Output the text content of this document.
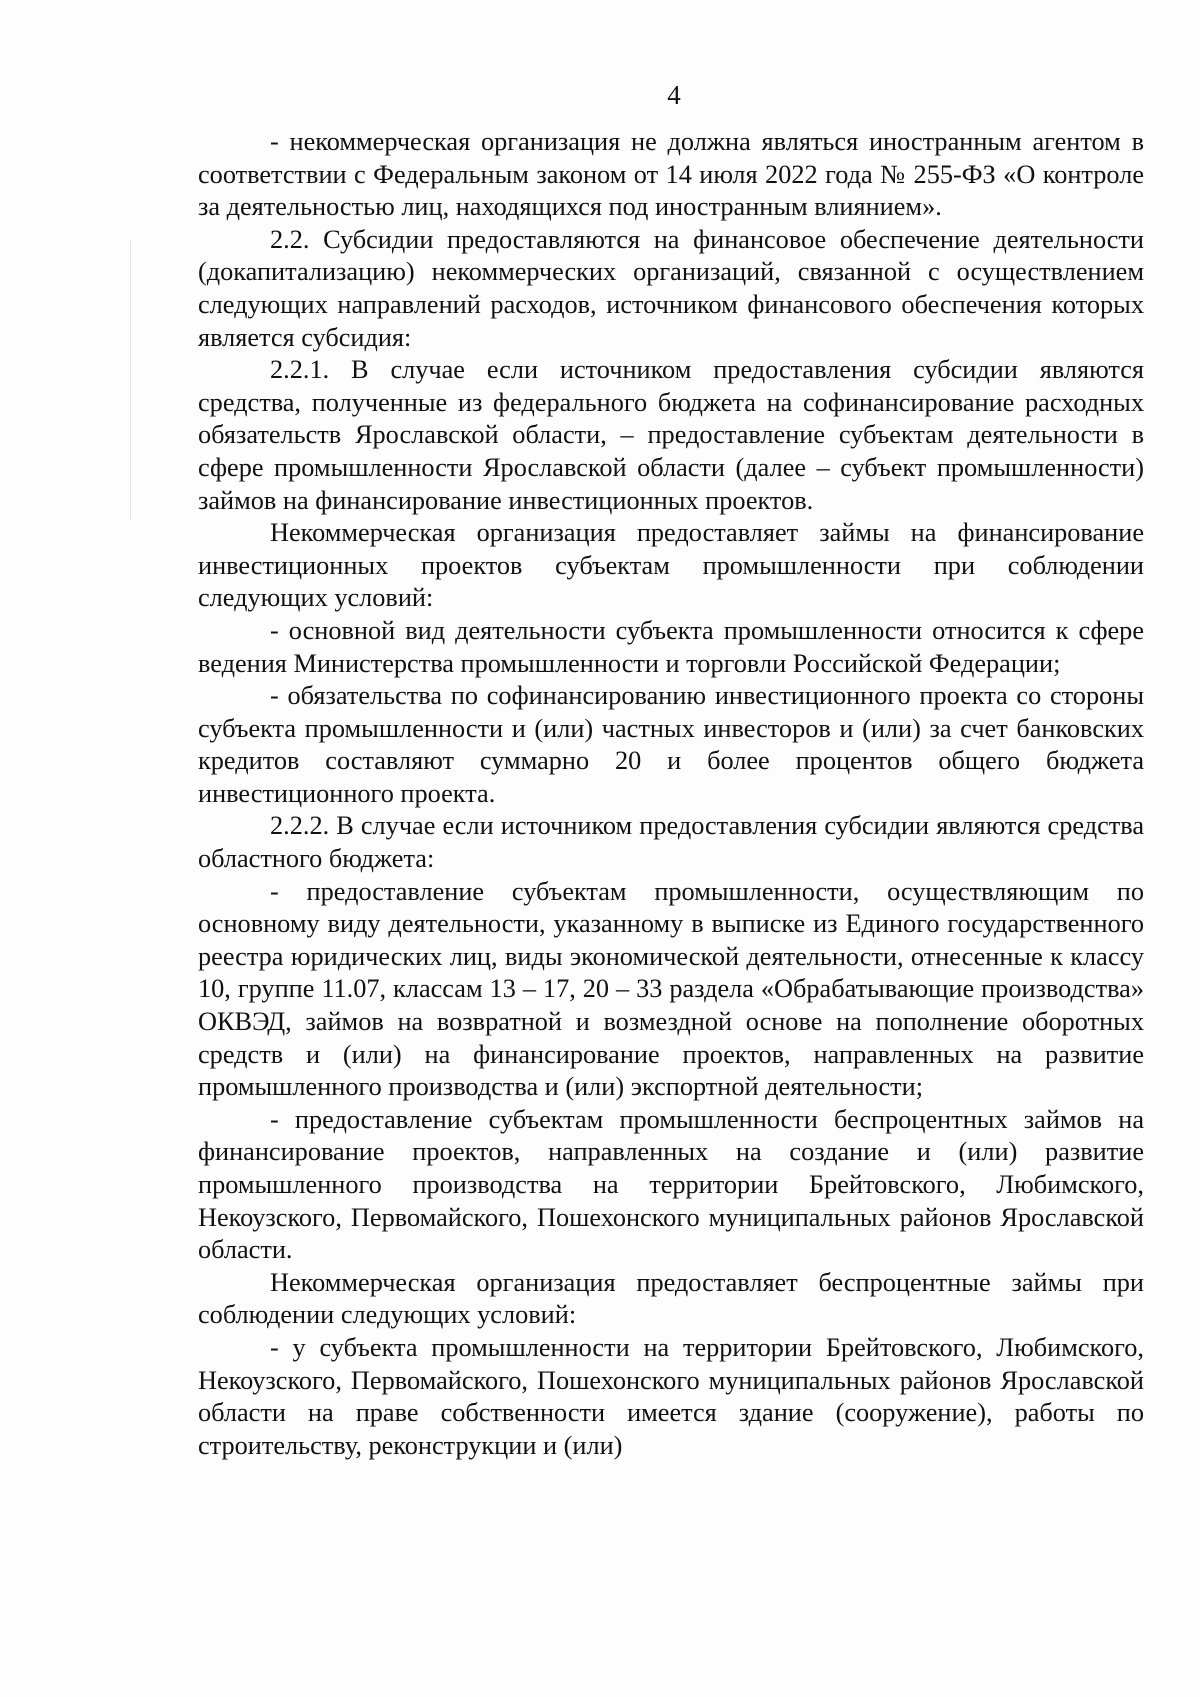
4

- некоммерческая организация не должна являться иностранным агентом в соответствии с Федеральным законом от 14 июля 2022 года № 255-ФЗ «О контроле за деятельностью лиц, находящихся под иностранным влиянием».

2.2. Субсидии предоставляются на финансовое обеспечение деятельности (докапитализацию) некоммерческих организаций, связанной с осуществлением следующих направлений расходов, источником финансового обеспечения которых является субсидия:

2.2.1. В случае если источником предоставления субсидии являются средства, полученные из федерального бюджета на софинансирование расходных обязательств Ярославской области, – предоставление субъектам деятельности в сфере промышленности Ярославской области (далее – субъект промышленности) займов на финансирование инвестиционных проектов.

Некоммерческая организация предоставляет займы на финансирование инвестиционных проектов субъектам промышленности при соблюдении следующих условий:

- основной вид деятельности субъекта промышленности относится к сфере ведения Министерства промышленности и торговли Российской Федерации;

- обязательства по софинансированию инвестиционного проекта со стороны субъекта промышленности и (или) частных инвесторов и (или) за счет банковских кредитов составляют суммарно 20 и более процентов общего бюджета инвестиционного проекта.

2.2.2. В случае если источником предоставления субсидии являются средства областного бюджета:

- предоставление субъектам промышленности, осуществляющим по основному виду деятельности, указанному в выписке из Единого государственного реестра юридических лиц, виды экономической деятельности, отнесенные к классу 10, группе 11.07, классам 13 – 17, 20 – 33 раздела «Обрабатывающие производства» ОКВЭД, займов на возвратной и возмездной основе на пополнение оборотных средств и (или) на финансирование проектов, направленных на развитие промышленного производства и (или) экспортной деятельности;

- предоставление субъектам промышленности беспроцентных займов на финансирование проектов, направленных на создание и (или) развитие промышленного производства на территории Брейтовского, Любимского, Некоузского, Первомайского, Пошехонского муниципальных районов Ярославской области.

Некоммерческая организация предоставляет беспроцентные займы при соблюдении следующих условий:

- у субъекта промышленности на территории Брейтовского, Любимского, Некоузского, Первомайского, Пошехонского муниципальных районов Ярославской области на праве собственности имеется здание (сооружение), работы по строительству, реконструкции и (или)
